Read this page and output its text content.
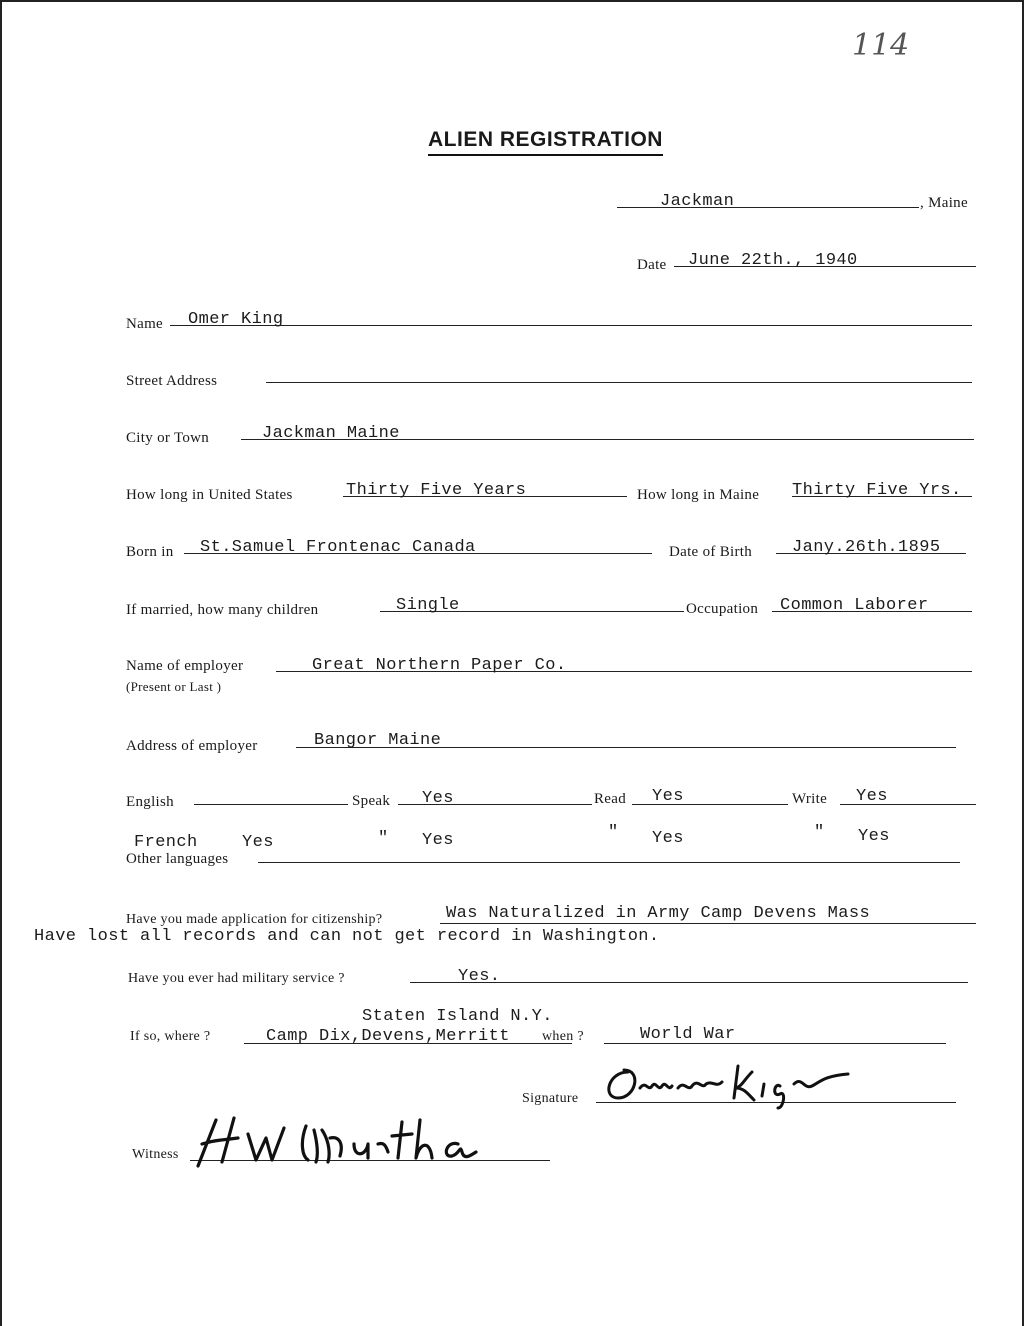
114
ALIEN REGISTRATION
Jackman	, Maine
Date June 22th., 1940
Name Omer King
Street Address
City or Town	Jackman Maine
How long in United States	Thirty Five Years	How long in Maine Thirty Five Yrs.
Born in St.Samuel Frontenac Canada	Date of Birth Jany.26th.1895
If married, how many children	Single	Occupation Common Laborer
Name of employer
(Present or Last )
Great Northern Paper Co.
Address of employer	Bangor Maine
English	Speak Yes	Read Yes	Write Yes
French	Yes	" Yes	" Yes	" Yes
Other languages
Have you made application for citizenship?	Was Naturalized in Army Camp Devens Mass
Have lost all records and can not get record in Washington.
Have you ever had military service ?	Yes.
Staten Island N.Y.
If so, where ?	Camp Dix,Devens,Merritt when ?	World War
Signature
Witness
